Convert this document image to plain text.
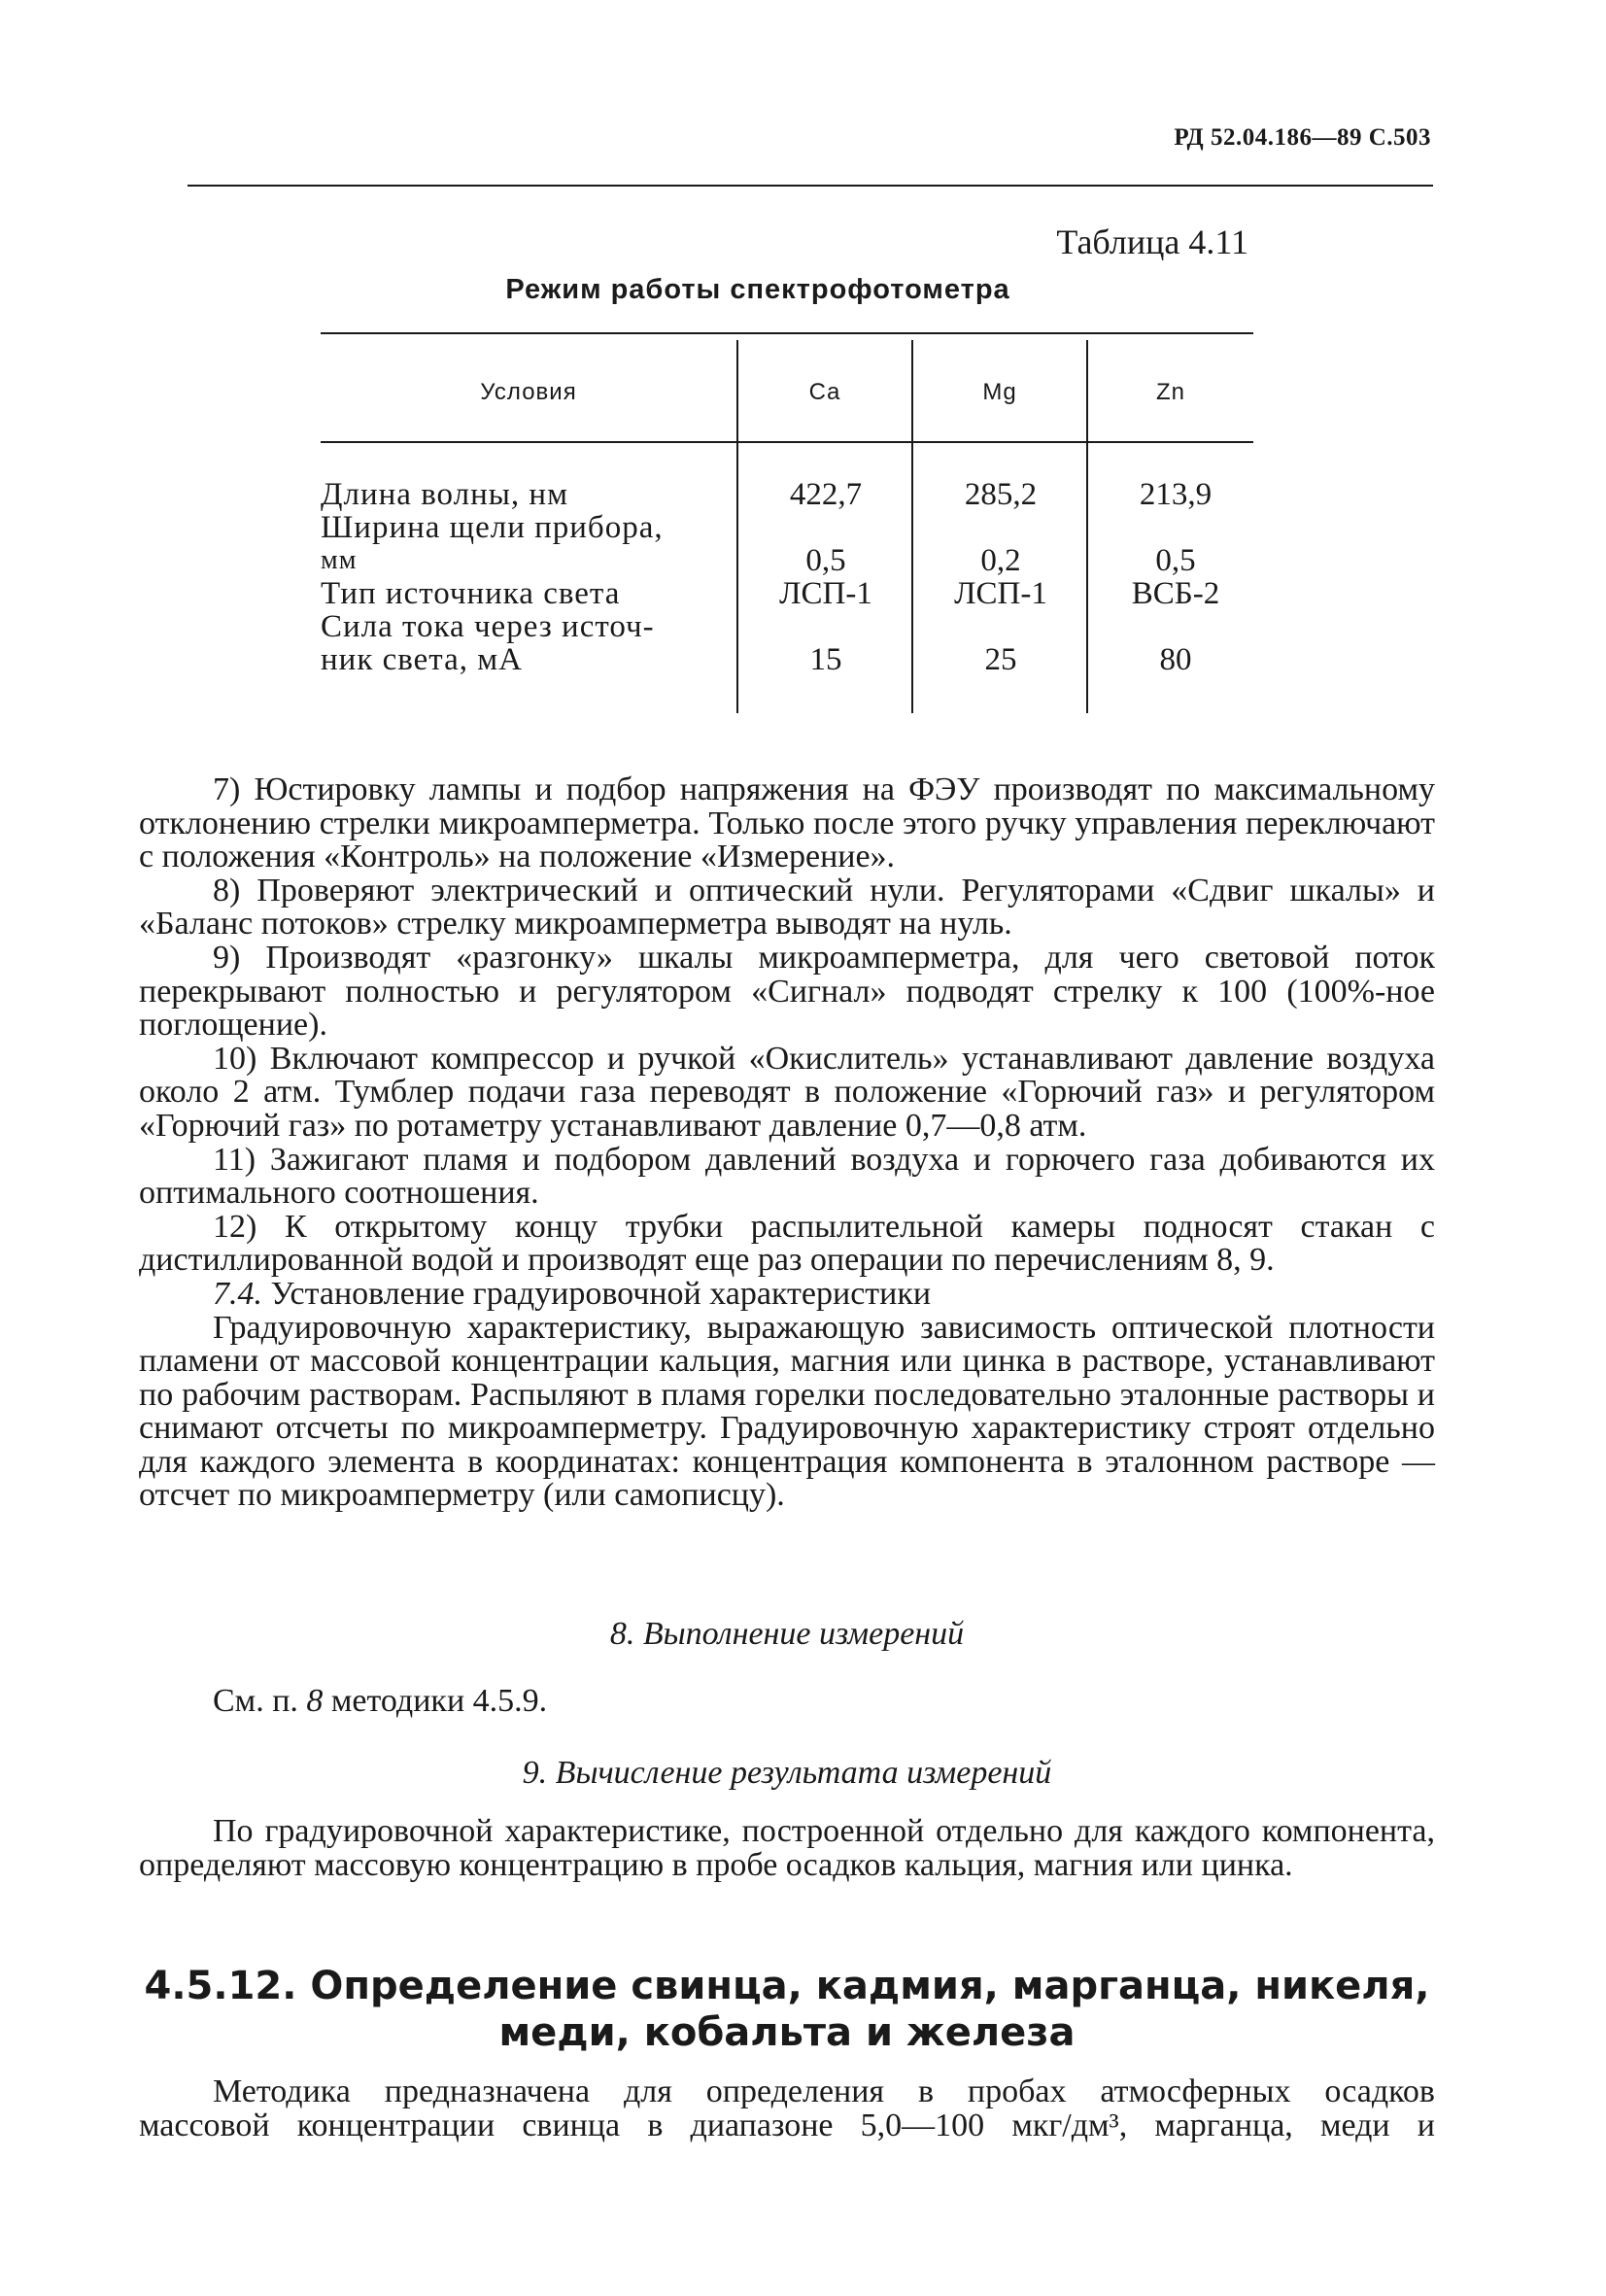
РД 52.04.186—89 С.503
Таблица 4.11
Режим работы спектрофотометра
Условия	Ca	Mg	Zn
Длина волны, нм	422,7	285,2	213,9
Ширина щели прибора,
мм	0,5	0,2	0,5
Тип источника света	ЛСП-1	ЛСП-1	ВСБ-2
Сила тока через источ-
ник света, мА	15	25	80

7) Юстировку лампы и подбор напряжения на ФЭУ производят по максимальному отклонению стрелки микроамперметра. Только после этого ручку управления переключают с положения «Контроль» на положение «Измерение».

8) Проверяют электрический и оптический нули. Регуляторами «Сдвиг шкалы» и «Баланс потоков» стрелку микроамперметра выводят на нуль.

9) Производят «разгонку» шкалы микроамперметра, для чего световой поток перекрывают полностью и регулятором «Сигнал» подводят стрелку к 100 (100%-ное поглощение).

10) Включают компрессор и ручкой «Окислитель» устанавливают давление воздуха около 2 атм. Тумблер подачи газа переводят в положение «Горючий газ» и регулятором «Горючий газ» по ротаметру устанавливают давление 0,7—0,8 атм.

11) Зажигают пламя и подбором давлений воздуха и горючего газа добиваются их оптимального соотношения.

12) К открытому концу трубки распылительной камеры подносят стакан с дистиллированной водой и производят еще раз операции по перечислениям 8, 9.

7.4. Установление градуировочной характеристики

Градуировочную характеристику, выражающую зависимость оптической плотности пламени от массовой концентрации кальция, магния или цинка в растворе, устанавливают по рабочим растворам. Распыляют в пламя горелки последовательно эталонные растворы и снимают отсчеты по микроамперметру. Градуировочную характеристику строят отдельно для каждого элемента в координатах: концентрация компонента в эталонном растворе — отсчет по микроамперметру (или самописцу).

8. Выполнение измерений
См. п. 8 методики 4.5.9.
9. Вычисление результата измерений

По градуировочной характеристике, построенной отдельно для каждого компонента, определяют массовую концентрацию в пробе осадков кальция, магния или цинка.

4.5.12. Определение свинца, кадмия, марганца, никеля,
меди, кобальта и железа

Методика предназначена для определения в пробах атмосферных осадков

массовой концентрации свинца в диапазоне 5,0—100 мкг/дм³, марганца, меди и
